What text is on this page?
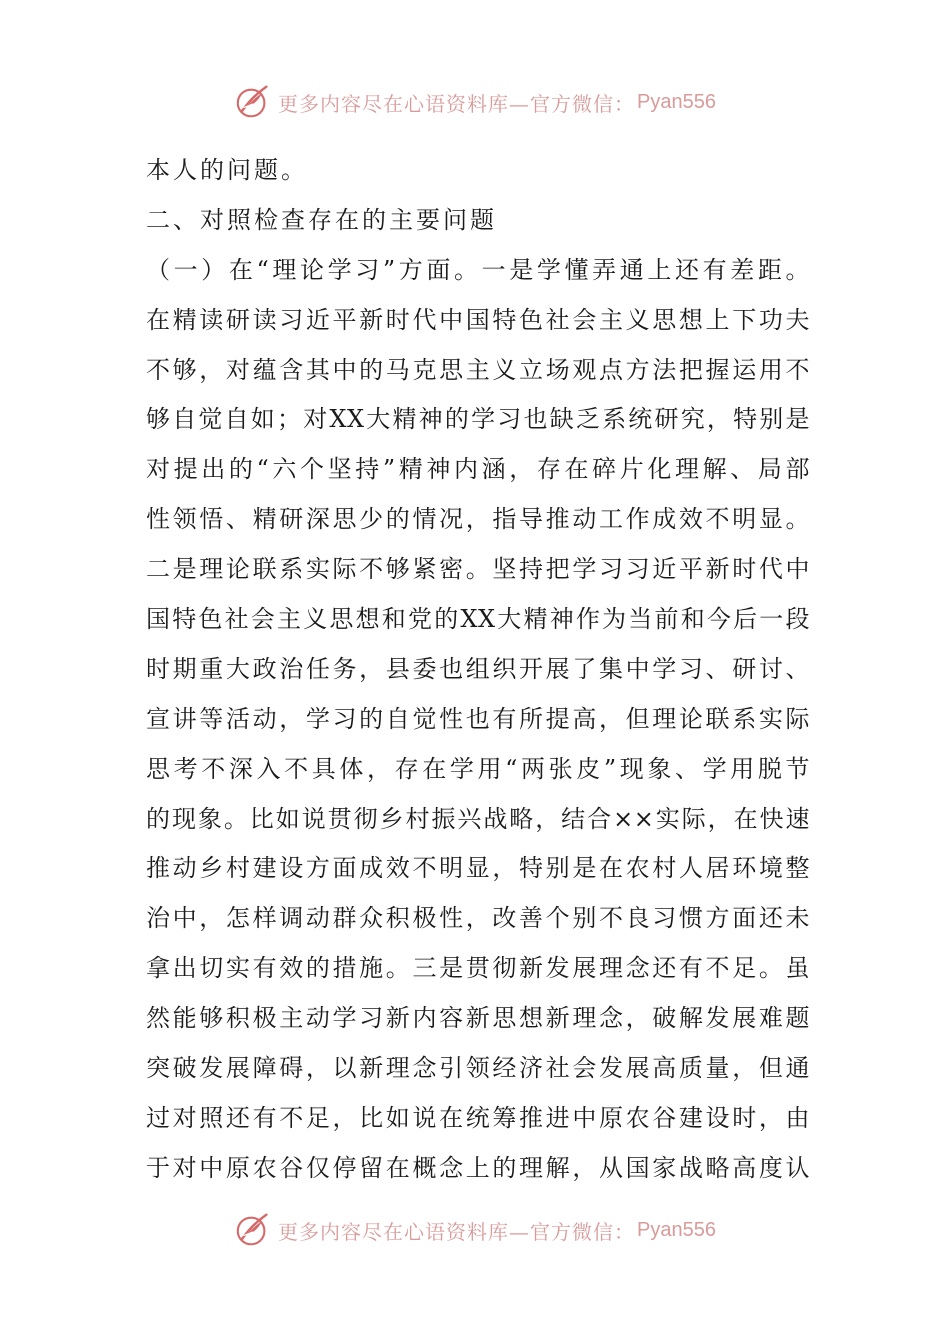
更多内容尽在心语资料库—官方微信： Pyan556
本人的问题。
二、对照检查存在的主要问题
（一）在“理论学习”方面。一是学懂弄通上还有差距。
在精读研读习近平新时代中国特色社会主义思想上下功夫
不够，对蕴含其中的马克思主义立场观点方法把握运用不
够自觉自如；对XX大精神的学习也缺乏系统研究，特别是
对提出的“六个坚持”精神内涵，存在碎片化理解、局部
性领悟、精研深思少的情况，指导推动工作成效不明显。
二是理论联系实际不够紧密。坚持把学习习近平新时代中
国特色社会主义思想和党的XX大精神作为当前和今后一段
时期重大政治任务，县委也组织开展了集中学习、研讨、
宣讲等活动，学习的自觉性也有所提高，但理论联系实际
思考不深入不具体，存在学用“两张皮”现象、学用脱节
的现象。比如说贯彻乡村振兴战略，结合××实际，在快速
推动乡村建设方面成效不明显，特别是在农村人居环境整
治中，怎样调动群众积极性，改善个别不良习惯方面还未
拿出切实有效的措施。三是贯彻新发展理念还有不足。虽
然能够积极主动学习新内容新思想新理念，破解发展难题
突破发展障碍，以新理念引领经济社会发展高质量，但通
过对照还有不足，比如说在统筹推进中原农谷建设时，由
于对中原农谷仅停留在概念上的理解，从国家战略高度认
更多内容尽在心语资料库—官方微信： Pyan556
